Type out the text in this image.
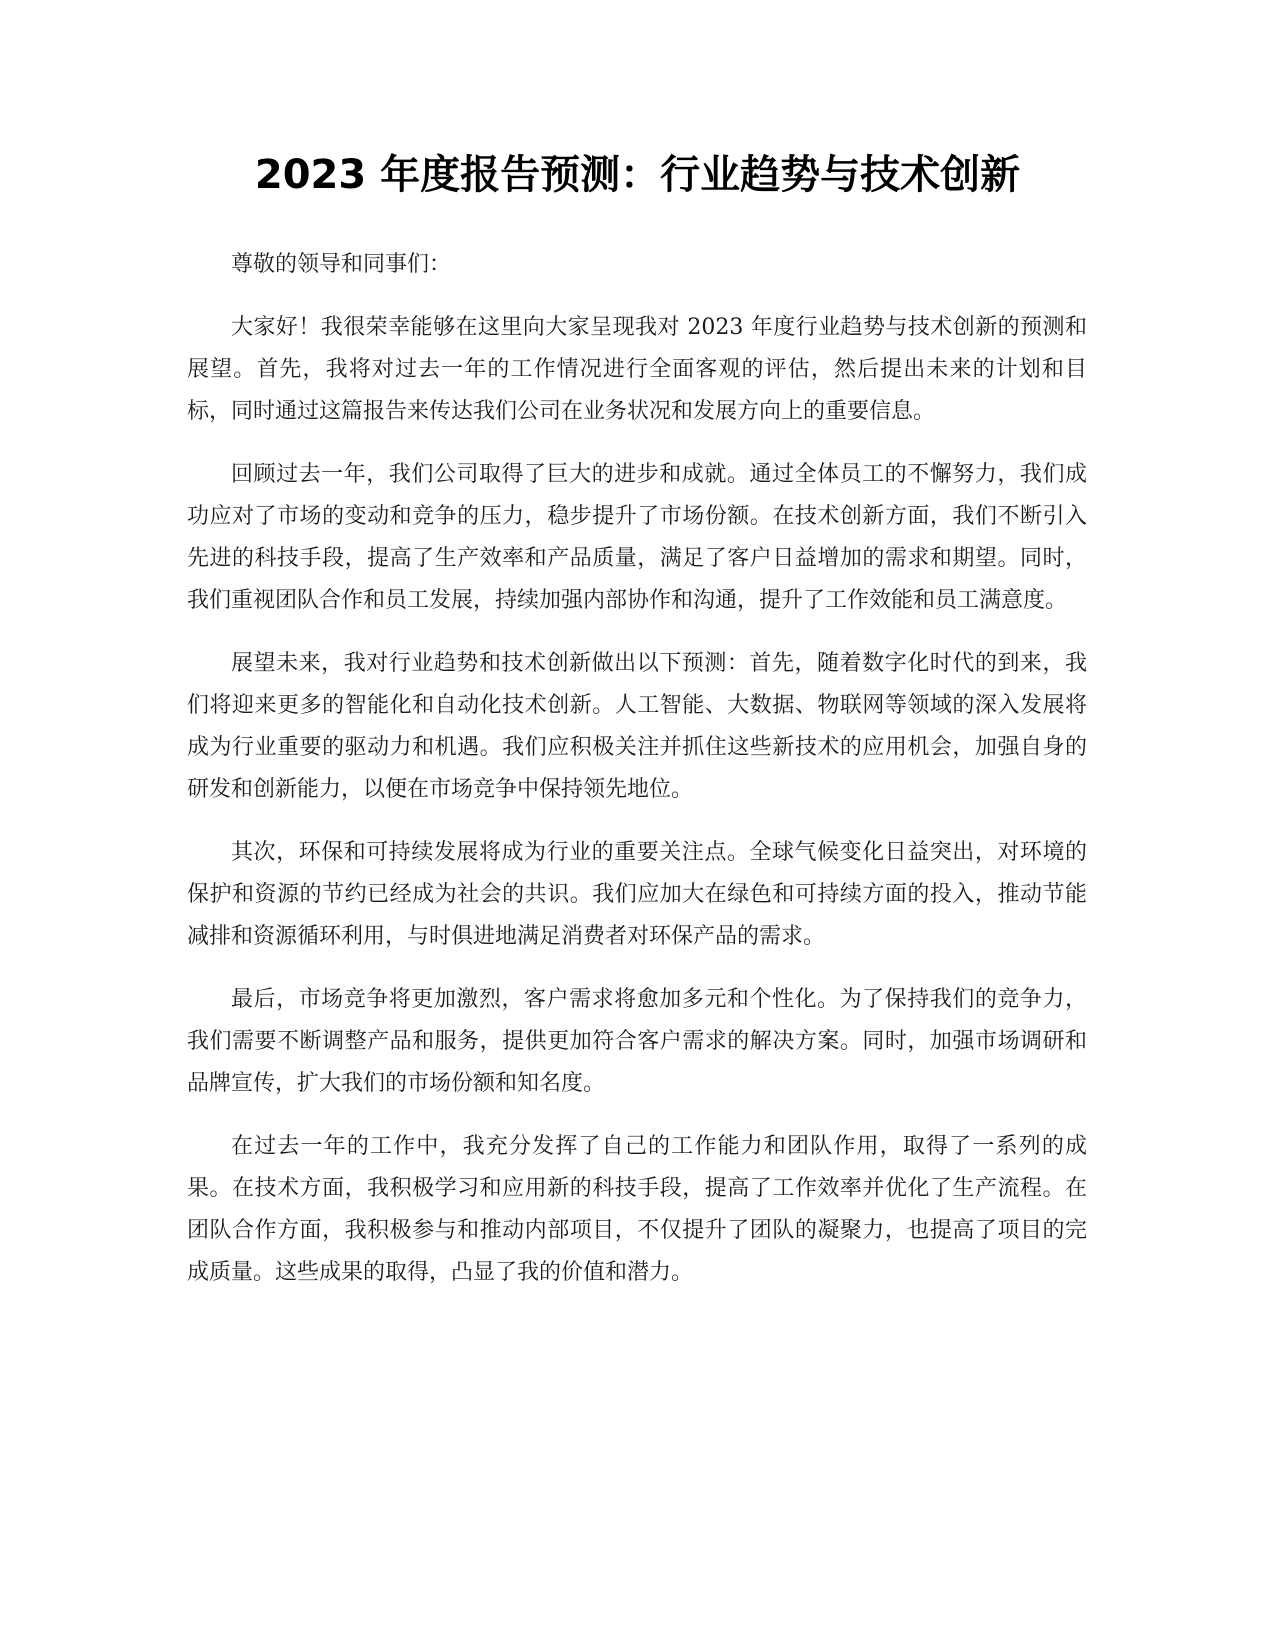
2023 年度报告预测：行业趋势与技术创新

尊敬的领导和同事们：

大家好！我很荣幸能够在这里向大家呈现我对 2023 年度行业趋势与技术创新的预测和展望。首先，我将对过去一年的工作情况进行全面客观的评估，然后提出未来的计划和目标，同时通过这篇报告来传达我们公司在业务状况和发展方向上的重要信息。

回顾过去一年，我们公司取得了巨大的进步和成就。通过全体员工的不懈努力，我们成功应对了市场的变动和竞争的压力，稳步提升了市场份额。在技术创新方面，我们不断引入先进的科技手段，提高了生产效率和产品质量，满足了客户日益增加的需求和期望。同时，我们重视团队合作和员工发展，持续加强内部协作和沟通，提升了工作效能和员工满意度。

展望未来，我对行业趋势和技术创新做出以下预测：首先，随着数字化时代的到来，我们将迎来更多的智能化和自动化技术创新。人工智能、大数据、物联网等领域的深入发展将成为行业重要的驱动力和机遇。我们应积极关注并抓住这些新技术的应用机会，加强自身的研发和创新能力，以便在市场竞争中保持领先地位。

其次，环保和可持续发展将成为行业的重要关注点。全球气候变化日益突出，对环境的保护和资源的节约已经成为社会的共识。我们应加大在绿色和可持续方面的投入，推动节能减排和资源循环利用，与时俱进地满足消费者对环保产品的需求。

最后，市场竞争将更加激烈，客户需求将愈加多元和个性化。为了保持我们的竞争力，我们需要不断调整产品和服务，提供更加符合客户需求的解决方案。同时，加强市场调研和品牌宣传，扩大我们的市场份额和知名度。

在过去一年的工作中，我充分发挥了自己的工作能力和团队作用，取得了一系列的成果。在技术方面，我积极学习和应用新的科技手段，提高了工作效率并优化了生产流程。在团队合作方面，我积极参与和推动内部项目，不仅提升了团队的凝聚力，也提高了项目的完成质量。这些成果的取得，凸显了我的价值和潜力。
